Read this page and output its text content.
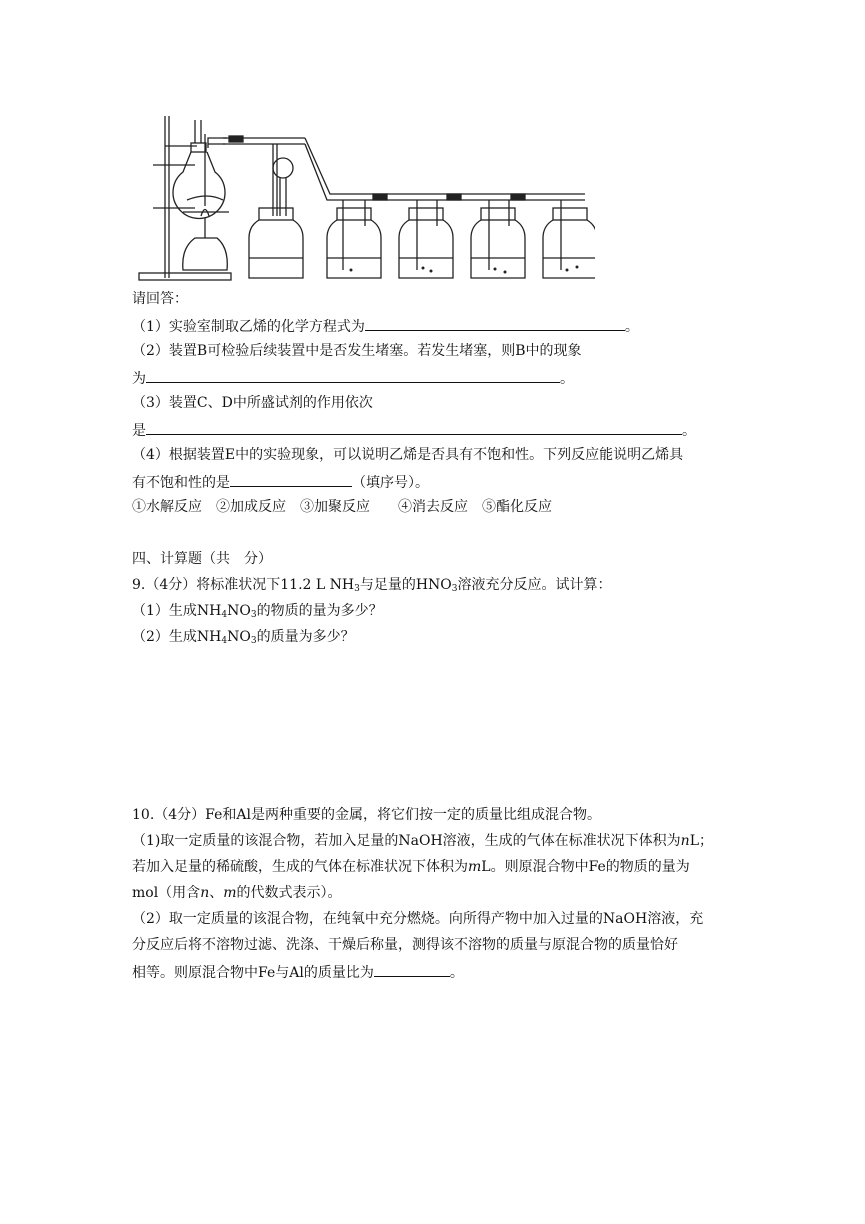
请回答：
（1）实验室制取乙烯的化学方程式为	。
（2）装置B可检验后续装置中是否发生堵塞。若发生堵塞，则B中的现象
为	。
（3）装置C、D中所盛试剂的作用依次
是	。
（4）根据装置E中的实验现象，可以说明乙烯是否具有不饱和性。下列反应能说明乙烯具
有不饱和性的是	（填序号）。
①水解反应　 ②加成反应　 ③加聚反应　　 ④消去反应　 ⑤酯化反应
四、计算题（共　分）
9.（4分）将标准状况下11.2 L $NH_3$与足量的$HNO_3$溶液充分反应。试计算：
（1）生成$NH_4NO_3$的物质的量为多少？
（2）生成$NH_4NO_3$的质量为多少？
10.（4分）Fe和Al是两种重要的金属，将它们按一定的质量比组成混合物。
（1)取一定质量的该混合物，若加入足量的NaOH溶液，生成的气体在标准状况下体积为nL；
若加入足量的稀硫酸，生成的气体在标准状况下体积为mL。则原混合物中Fe的物质的量为
mol（用含n、m的代数式表示）。
（2）取一定质量的该混合物，在纯氧中充分燃烧。向所得产物中加入过量的NaOH溶液，充
分反应后将不溶物过滤、洗涤、干燥后称量，测得该不溶物的质量与原混合物的质量恰好
相等。则原混合物中Fe与Al的质量比为	。
